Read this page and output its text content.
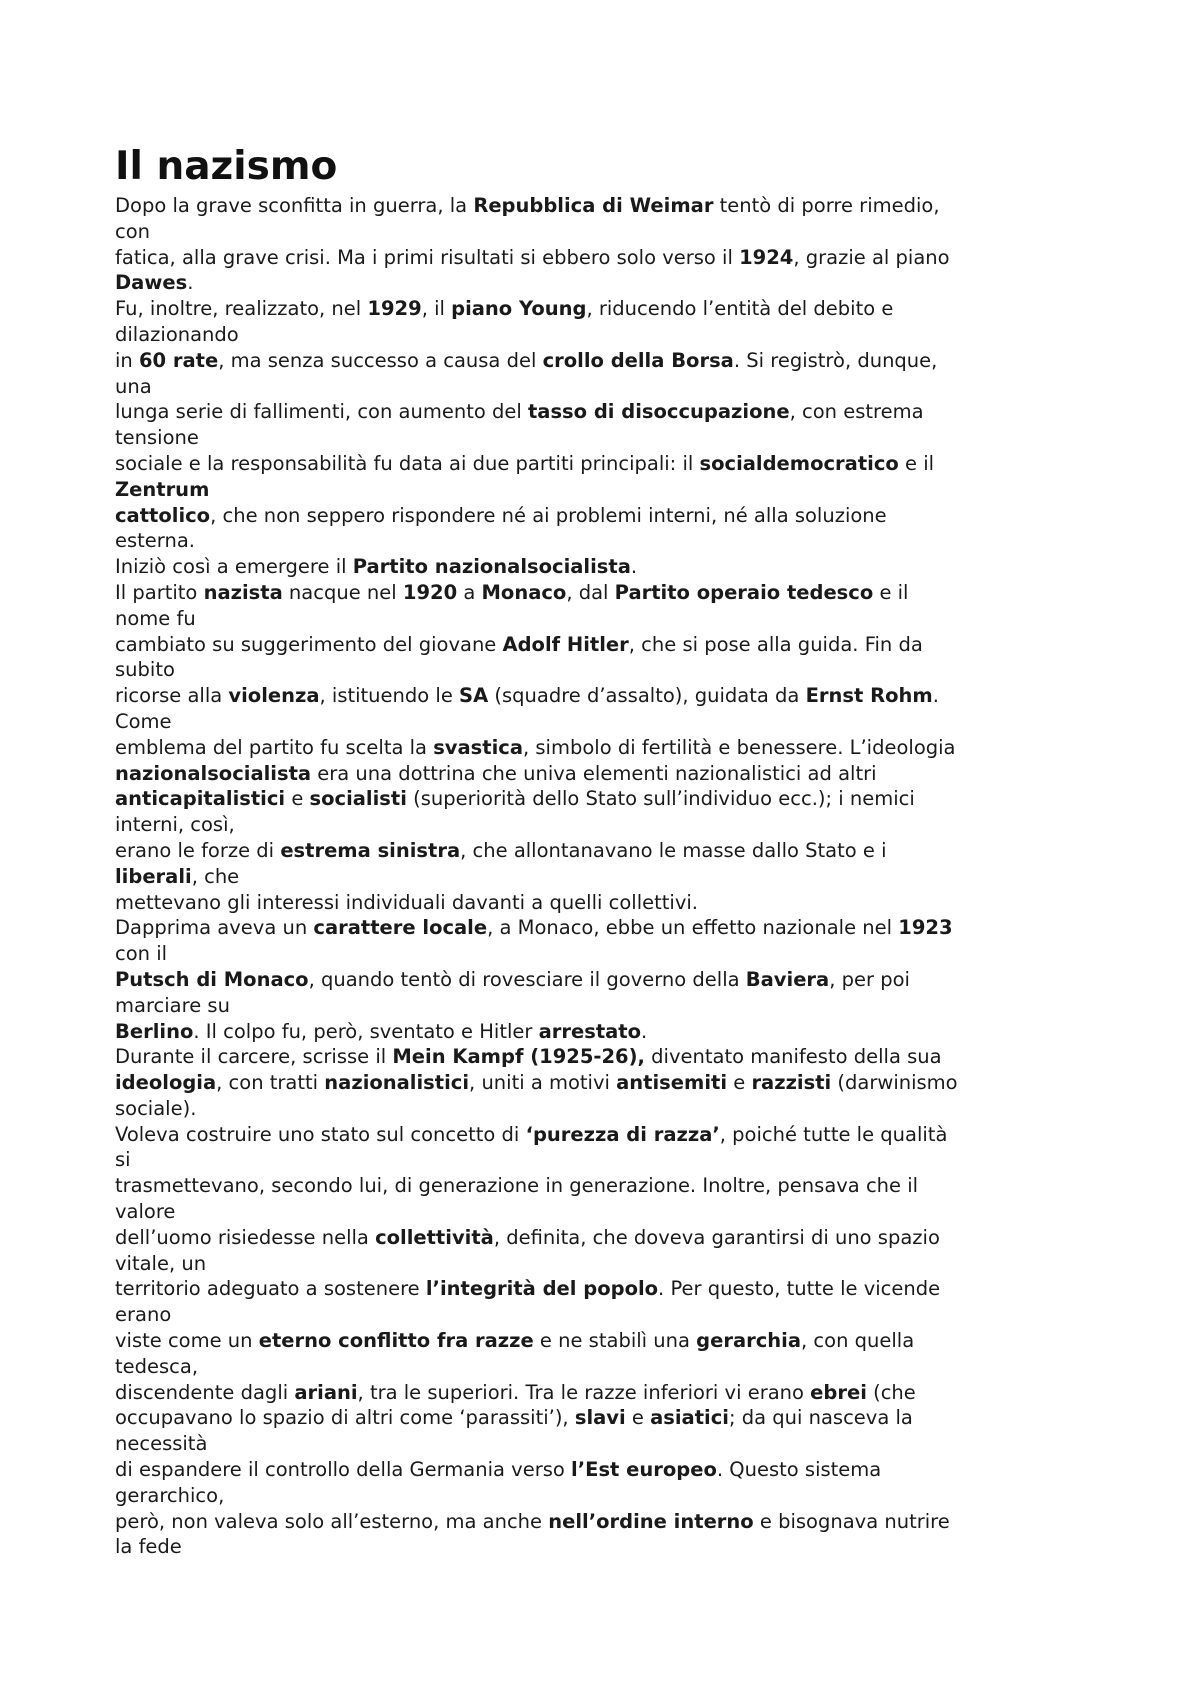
Il nazismo
Dopo la grave sconfitta in guerra, la Repubblica di Weimar tentò di porre rimedio,
con
fatica, alla grave crisi. Ma i primi risultati si ebbero solo verso il 1924, grazie al piano
Dawes.
Fu, inoltre, realizzato, nel 1929, il piano Young, riducendo l’entità del debito e
dilazionando
in 60 rate, ma senza successo a causa del crollo della Borsa. Si registrò, dunque,
una
lunga serie di fallimenti, con aumento del tasso di disoccupazione, con estrema
tensione
sociale e la responsabilità fu data ai due partiti principali: il socialdemocratico e il
Zentrum
cattolico, che non seppero rispondere né ai problemi interni, né alla soluzione
esterna.
Iniziò così a emergere il Partito nazionalsocialista.
Il partito nazista nacque nel 1920 a Monaco, dal Partito operaio tedesco e il
nome fu
cambiato su suggerimento del giovane Adolf Hitler, che si pose alla guida. Fin da
subito
ricorse alla violenza, istituendo le SA (squadre d’assalto), guidata da Ernst Rohm.
Come
emblema del partito fu scelta la svastica, simbolo di fertilità e benessere. L’ideologia
nazionalsocialista era una dottrina che univa elementi nazionalistici ad altri
anticapitalistici e socialisti (superiorità dello Stato sull’individuo ecc.); i nemici
interni, così,
erano le forze di estrema sinistra, che allontanavano le masse dallo Stato e i
liberali, che
mettevano gli interessi individuali davanti a quelli collettivi.
Dapprima aveva un carattere locale, a Monaco, ebbe un effetto nazionale nel 1923
con il
Putsch di Monaco, quando tentò di rovesciare il governo della Baviera, per poi
marciare su
Berlino. Il colpo fu, però, sventato e Hitler arrestato.
Durante il carcere, scrisse il Mein Kampf (1925-26), diventato manifesto della sua
ideologia, con tratti nazionalistici, uniti a motivi antisemiti e razzisti (darwinismo
sociale).
Voleva costruire uno stato sul concetto di ‘purezza di razza’, poiché tutte le qualità
si
trasmettevano, secondo lui, di generazione in generazione. Inoltre, pensava che il
valore
dell’uomo risiedesse nella collettività, definita, che doveva garantirsi di uno spazio
vitale, un
territorio adeguato a sostenere l’integrità del popolo. Per questo, tutte le vicende
erano
viste come un eterno conflitto fra razze e ne stabilì una gerarchia, con quella
tedesca,
discendente dagli ariani, tra le superiori. Tra le razze inferiori vi erano ebrei (che
occupavano lo spazio di altri come ‘parassiti’), slavi e asiatici; da qui nasceva la
necessità
di espandere il controllo della Germania verso l’Est europeo. Questo sistema
gerarchico,
però, non valeva solo all’esterno, ma anche nell’ordine interno e bisognava nutrire
la fede
